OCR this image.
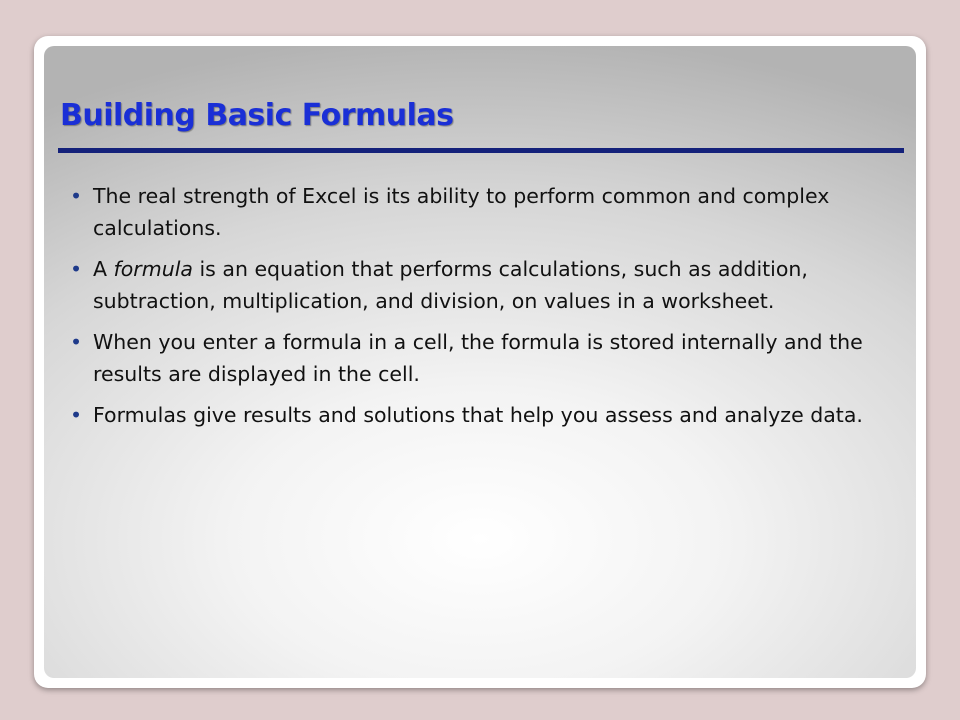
Building Basic Formulas
• The real strength of Excel is its ability to perform common and complex calculations.
• A formula is an equation that performs calculations, such as addition, subtraction, multiplication, and division, on values in a worksheet.
• When you enter a formula in a cell, the formula is stored internally and the results are displayed in the cell.
• Formulas give results and solutions that help you assess and analyze data.
